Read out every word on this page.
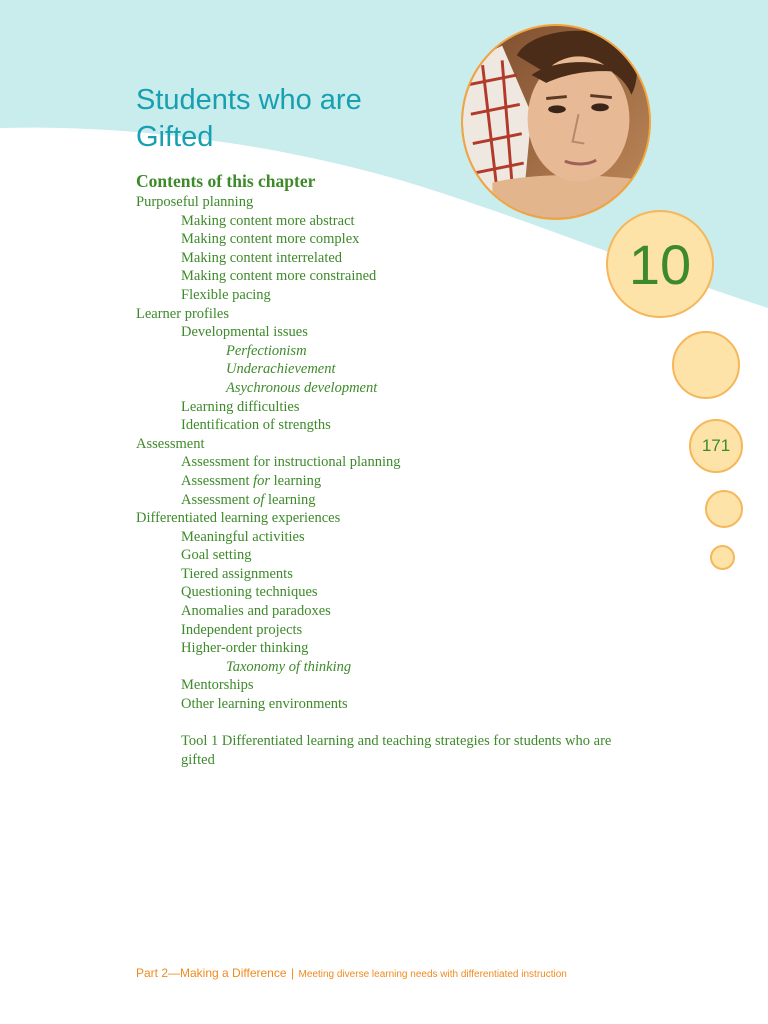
Students who are
Gifted
Contents of this chapter
Purposeful planning
Making content more abstract
Making content more complex
Making content interrelated
Making content more constrained
Flexible pacing
Learner profiles
Developmental issues
Perfectionism
Underachievement
Asychronous development
Learning difficulties
Identification of strengths
Assessment
Assessment for instructional planning
Assessment for learning
Assessment of learning
Differentiated learning experiences
Meaningful activities
Goal setting
Tiered assignments
Questioning techniques
Anomalies and paradoxes
Independent projects
Higher-order thinking
Taxonomy of thinking
Mentorships
Other learning environments
Tool 1 Differentiated learning and teaching strategies for students who are gifted
10
171
Part 2—Making a Difference | Meeting diverse learning needs with differentiated instruction
